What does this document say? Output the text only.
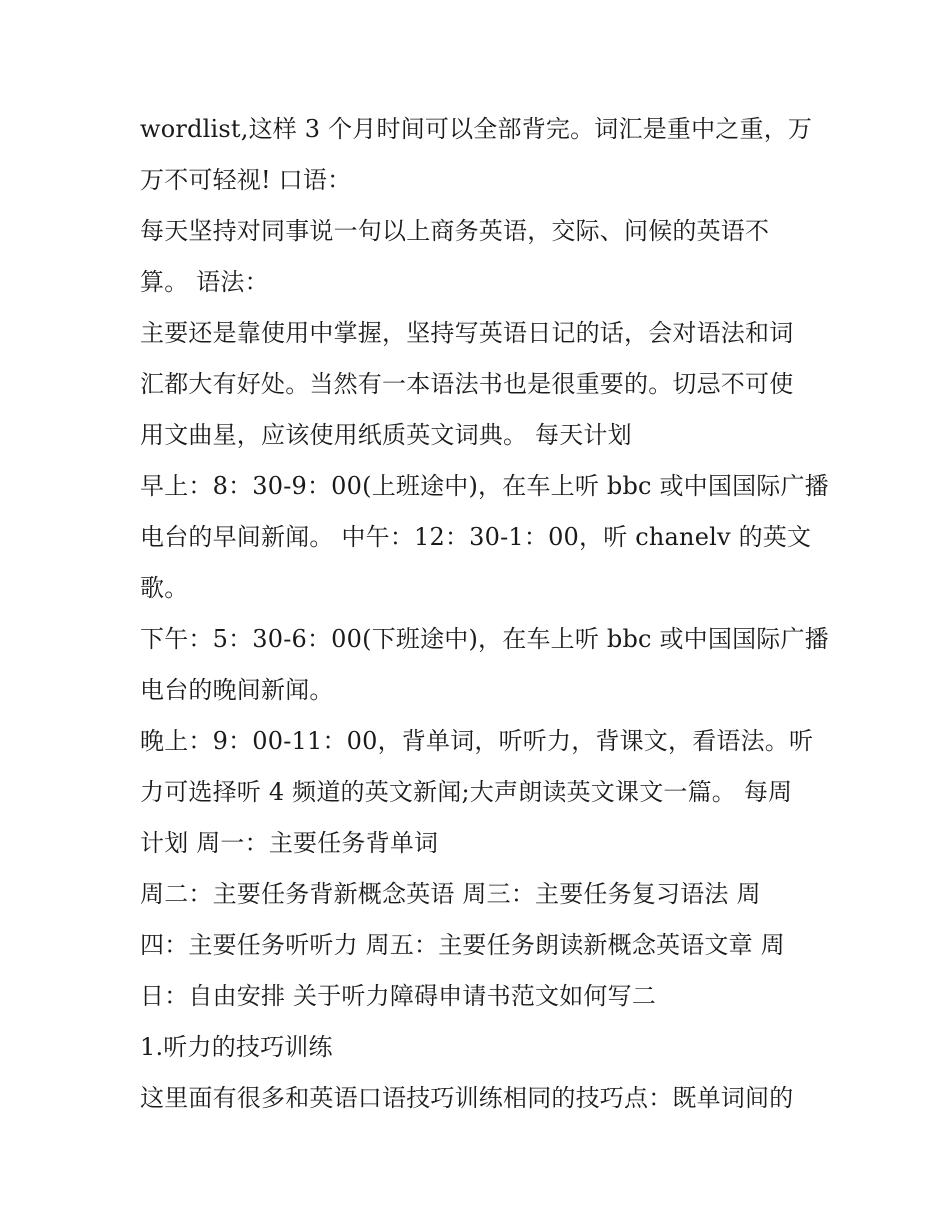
wordlist,这样 3 个月时间可以全部背完。词汇是重中之重，万
万不可轻视! 口语：
每天坚持对同事说一句以上商务英语，交际、问候的英语不
算。 语法：
主要还是靠使用中掌握，坚持写英语日记的话，会对语法和词
汇都大有好处。当然有一本语法书也是很重要的。切忌不可使
用文曲星，应该使用纸质英文词典。 每天计划
早上：8：30-9：00(上班途中)，在车上听 bbc 或中国国际广播
电台的早间新闻。 中午：12：30-1：00，听 chanelv 的英文
歌。
下午：5：30-6：00(下班途中)，在车上听 bbc 或中国国际广播
电台的晚间新闻。
晚上：9：00-11：00，背单词，听听力，背课文，看语法。听
力可选择听 4 频道的英文新闻;大声朗读英文课文一篇。 每周
计划 周一：主要任务背单词
周二：主要任务背新概念英语 周三：主要任务复习语法 周
四：主要任务听听力 周五：主要任务朗读新概念英语文章 周
日：自由安排 关于听力障碍申请书范文如何写二
1.听力的技巧训练
这里面有很多和英语口语技巧训练相同的技巧点：既单词间的
